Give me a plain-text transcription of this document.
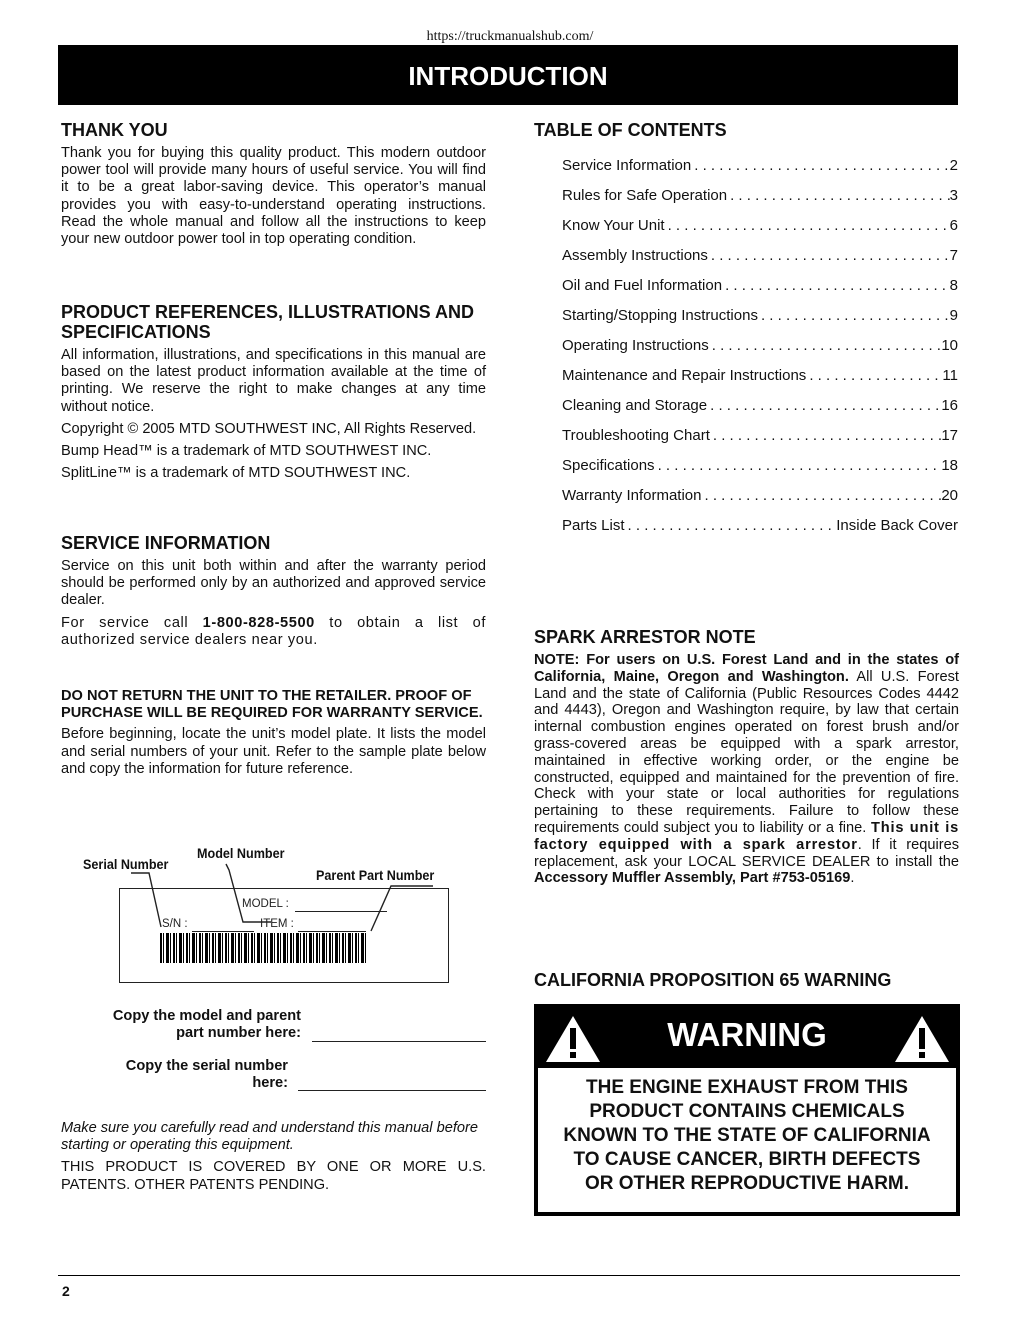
https://truckmanualshub.com/
INTRODUCTION
THANK YOU

Thank you for buying this quality product. This modern outdoor power tool will provide many hours of useful service. You will find it to be a great labor-saving device. This operator’s manual provides you with easy-to-understand operating instructions. Read the whole manual and follow all the instructions to keep your new outdoor power tool in top operating condition.

PRODUCT REFERENCES, ILLUSTRATIONS AND SPECIFICATIONS

All information, illustrations, and specifications in this manual are based on the latest product information available at the time of printing. We reserve the right to make changes at any time without notice.

Copyright © 2005 MTD SOUTHWEST INC, All Rights Reserved.

Bump Head™ is a trademark of MTD SOUTHWEST INC.

SplitLine™ is a trademark of MTD SOUTHWEST INC.

SERVICE INFORMATION

Service on this unit both within and after the warranty period should be performed only by an authorized and approved service dealer.

For service call 1-800-828-5500 to obtain a list of authorized service dealers near you.

DO NOT RETURN THE UNIT TO THE RETAILER. PROOF OF PURCHASE WILL BE REQUIRED FOR WARRANTY SERVICE.

Before beginning, locate the unit’s model plate. It lists the model and serial numbers of your unit. Refer to the sample plate below and copy the information for future reference.

Serial Number
Model Number
Parent Part Number
MODEL :
S/N :	ITEM :
Copy the model and parent
part number here:
Copy the serial number
here:

Make sure you carefully read and understand this manual before starting or operating this equipment.

THIS PRODUCT IS COVERED BY ONE OR MORE U.S. PATENTS. OTHER PATENTS PENDING.

TABLE OF CONTENTS
Service Information . . .	2
Rules for Safe Operation . . .	3
Know Your Unit . . .	6
Assembly Instructions . . .	7
Oil and Fuel Information . . .	8
Starting/Stopping Instructions . . .	9
Operating Instructions . . .	10
Maintenance and Repair Instructions . . .	11
Cleaning and Storage . . .	16
Troubleshooting Chart . . .	17
Specifications . . .	18
Warranty Information . . .	20
Parts List . . .	Inside Back Cover
SPARK ARRESTOR NOTE

NOTE: For users on U.S. Forest Land and in the states of California, Maine, Oregon and Washington. All U.S. Forest Land and the state of California (Public Resources Codes 4442 and 4443), Oregon and Washington require, by law that certain internal combustion engines operated on forest brush and/or grass-covered areas be equipped with a spark arrestor, maintained in effective working order, or the engine be constructed, equipped and maintained for the prevention of fire. Check with your state or local authorities for regulations pertaining to these requirements. Failure to follow these requirements could subject you to liability or a fine. This unit is factory equipped with a spark arrestor. If it requires replacement, ask your LOCAL SERVICE DEALER to install the Accessory Muffler Assembly, Part #753-05169.

CALIFORNIA PROPOSITION 65 WARNING
WARNING
THE ENGINE EXHAUST FROM THIS
PRODUCT CONTAINS CHEMICALS
KNOWN TO THE STATE OF CALIFORNIA
TO CAUSE CANCER, BIRTH DEFECTS
OR OTHER REPRODUCTIVE HARM.
2
